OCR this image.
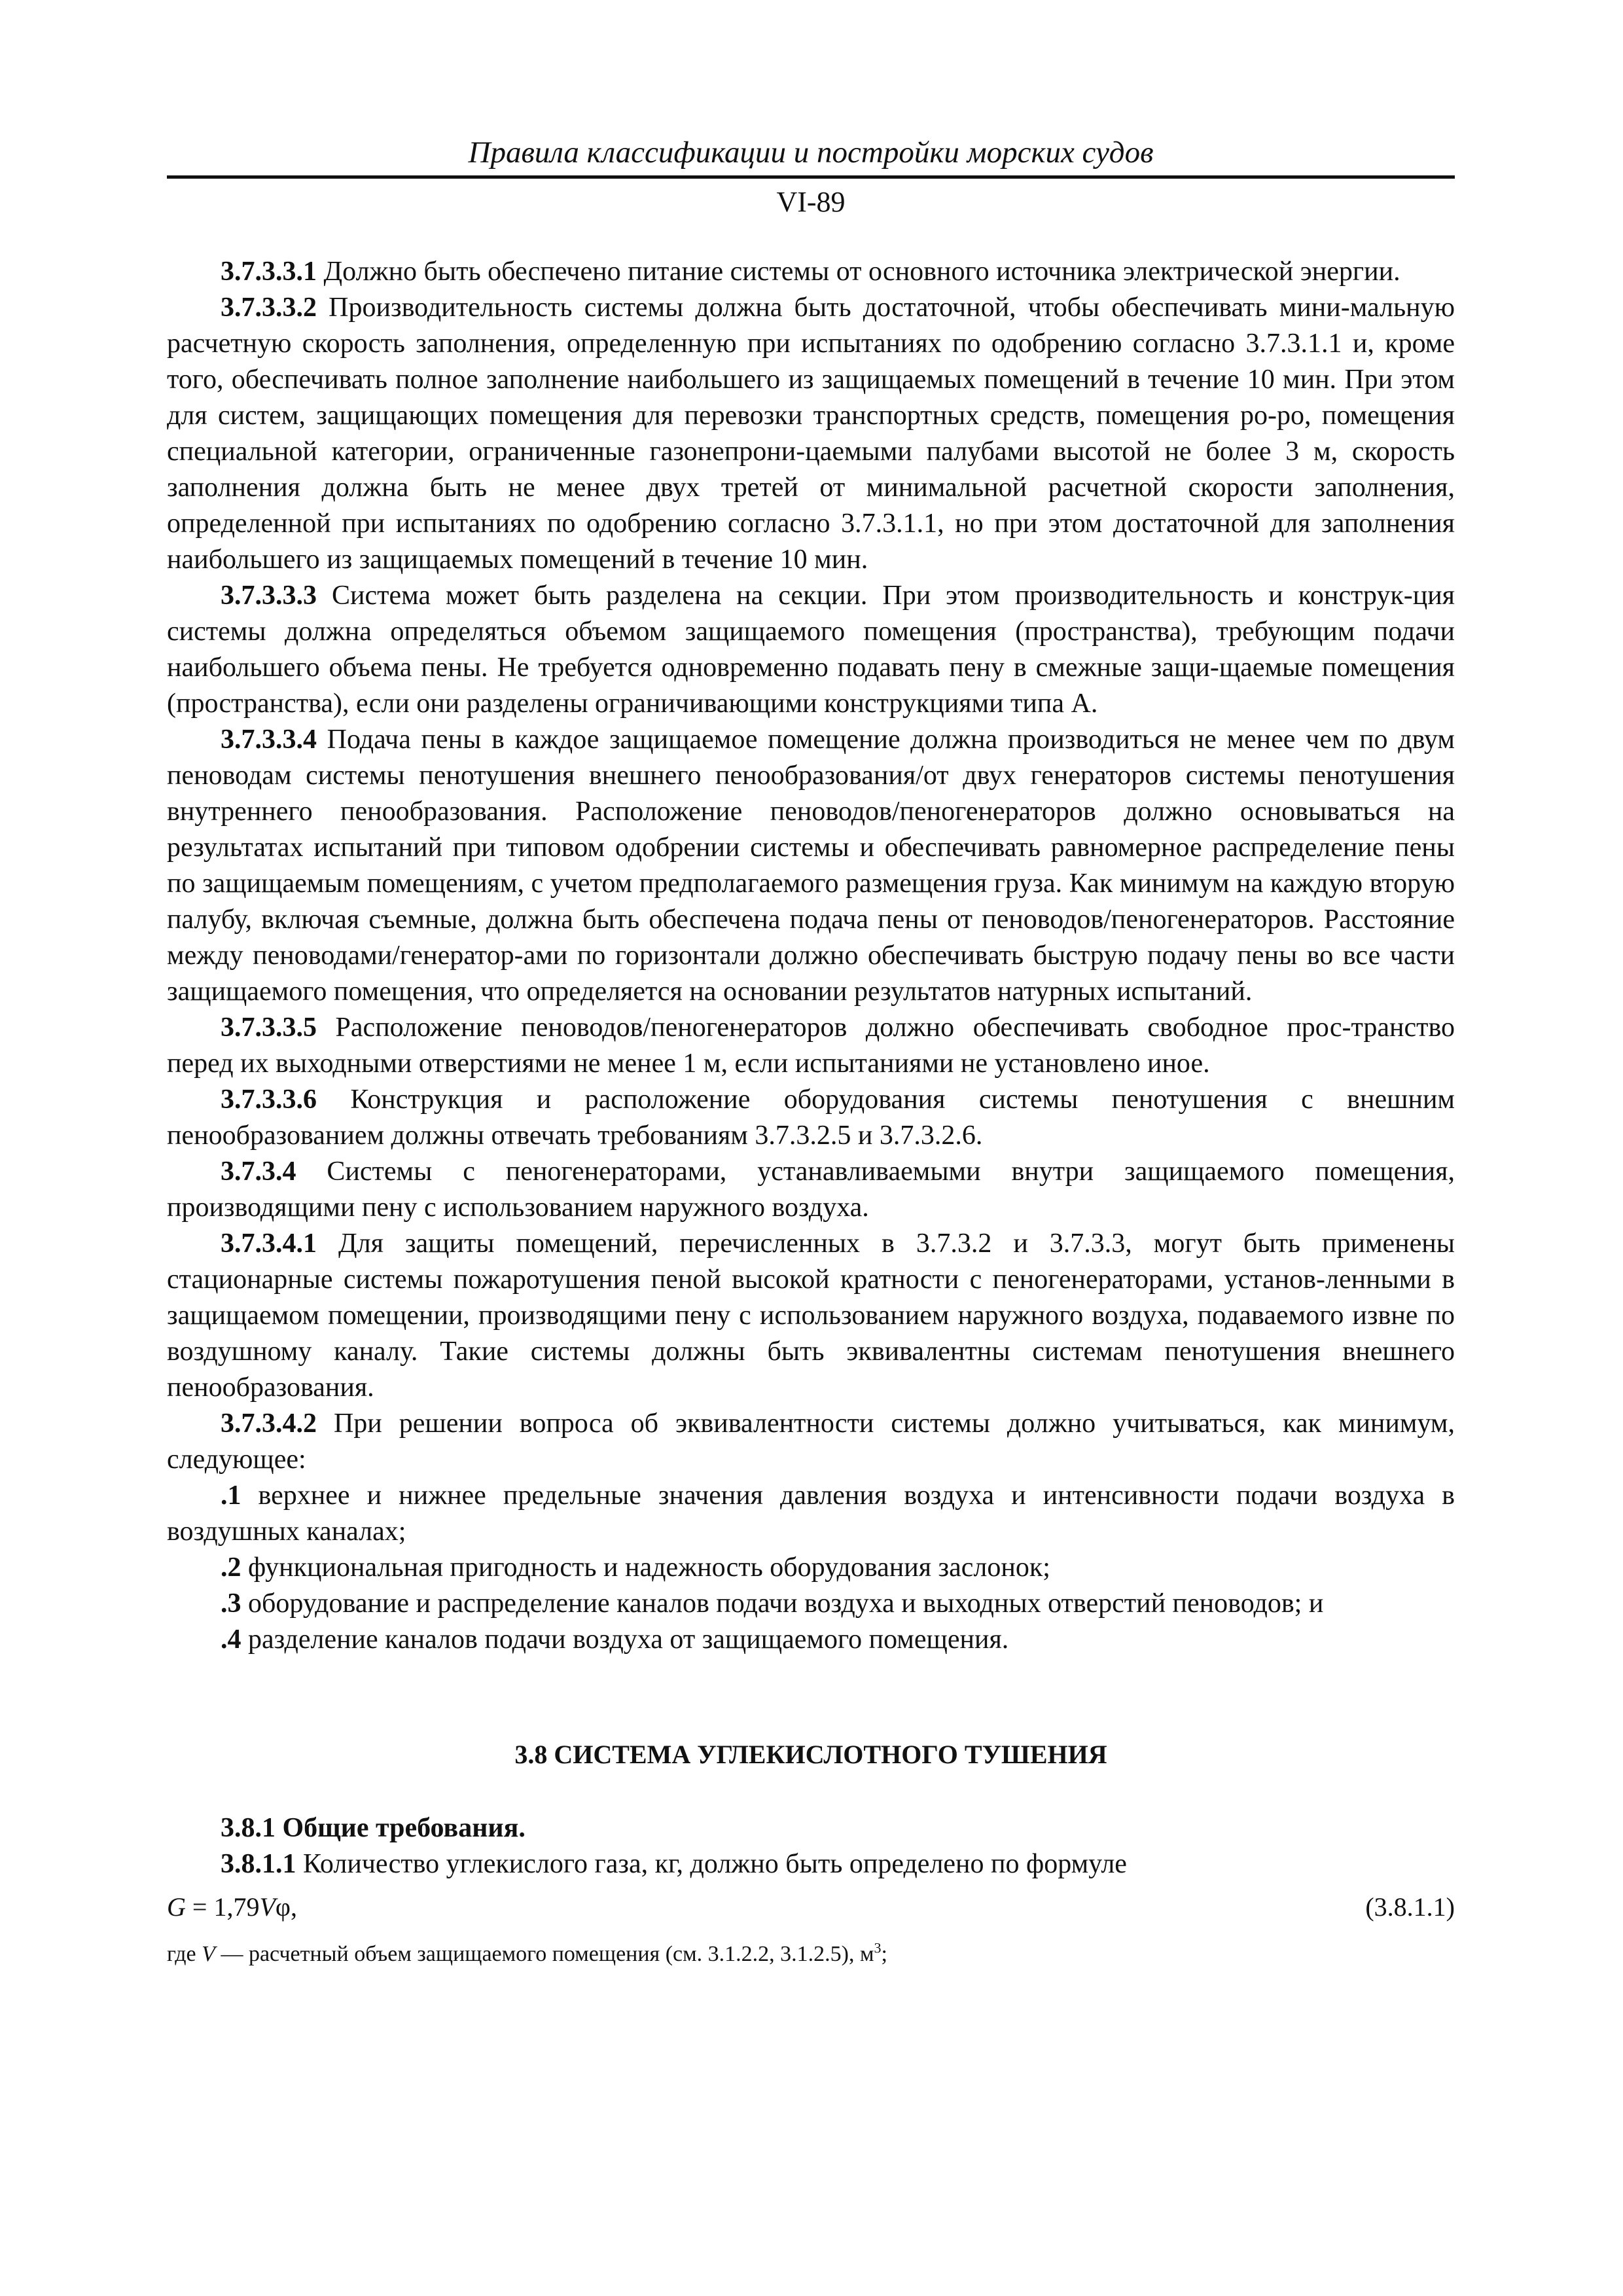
Правила классификации и постройки морских судов
VI-89

3.7.3.3.1 Должно быть обеспечено питание системы от основного источника электрической энергии.

3.7.3.3.2 Производительность системы должна быть достаточной, чтобы обеспечивать мини-мальную расчетную скорость заполнения, определенную при испытаниях по одобрению согласно 3.7.3.1.1 и, кроме того, обеспечивать полное заполнение наибольшего из защищаемых помещений в течение 10 мин. При этом для систем, защищающих помещения для перевозки транспортных средств, помещения ро-ро, помещения специальной категории, ограниченные газонепрони-цаемыми палубами высотой не более 3 м, скорость заполнения должна быть не менее двух третей от минимальной расчетной скорости заполнения, определенной при испытаниях по одобрению согласно 3.7.3.1.1, но при этом достаточной для заполнения наибольшего из защищаемых помещений в течение 10 мин.

3.7.3.3.3 Система может быть разделена на секции. При этом производительность и конструк-ция системы должна определяться объемом защищаемого помещения (пространства), требующим подачи наибольшего объема пены. Не требуется одновременно подавать пену в смежные защи-щаемые помещения (пространства), если они разделены ограничивающими конструкциями типа А.

3.7.3.3.4 Подача пены в каждое защищаемое помещение должна производиться не менее чем по двум пеноводам системы пенотушения внешнего пенообразования/от двух генераторов системы пенотушения внутреннего пенообразования. Расположение пеноводов/пеногенераторов должно основываться на результатах испытаний при типовом одобрении системы и обеспечивать равномерное распределение пены по защищаемым помещениям, с учетом предполагаемого размещения груза. Как минимум на каждую вторую палубу, включая съемные, должна быть обеспечена подача пены от пеноводов/пеногенераторов. Расстояние между пеноводами/генератор-ами по горизонтали должно обеспечивать быструю подачу пены во все части защищаемого помещения, что определяется на основании результатов натурных испытаний.

3.7.3.3.5 Расположение пеноводов/пеногенераторов должно обеспечивать свободное прос-транство перед их выходными отверстиями не менее 1 м, если испытаниями не установлено иное.

3.7.3.3.6 Конструкция и расположение оборудования системы пенотушения с внешним пенообразованием должны отвечать требованиям 3.7.3.2.5 и 3.7.3.2.6.

3.7.3.4 Системы с пеногенераторами, устанавливаемыми внутри защищаемого помещения, производящими пену с использованием наружного воздуха.

3.7.3.4.1 Для защиты помещений, перечисленных в 3.7.3.2 и 3.7.3.3, могут быть применены стационарные системы пожаротушения пеной высокой кратности с пеногенераторами, установ-ленными в защищаемом помещении, производящими пену с использованием наружного воздуха, подаваемого извне по воздушному каналу. Такие системы должны быть эквивалентны системам пенотушения внешнего пенообразования.

3.7.3.4.2 При решении вопроса об эквивалентности системы должно учитываться, как минимум, следующее:

.1 верхнее и нижнее предельные значения давления воздуха и интенсивности подачи воздуха в воздушных каналах;

.2 функциональная пригодность и надежность оборудования заслонок;

.3 оборудование и распределение каналов подачи воздуха и выходных отверстий пеноводов; и

.4 разделение каналов подачи воздуха от защищаемого помещения.

3.8 СИСТЕМА УГЛЕКИСЛОТНОГО ТУШЕНИЯ
3.8.1 Общие требования.

3.8.1.1 Количество углекислого газа, кг, должно быть определено по формуле

G = 1,79Vφ,	(3.8.1.1)
где V — расчетный объем защищаемого помещения (см. 3.1.2.2, 3.1.2.5), $м^3$;
